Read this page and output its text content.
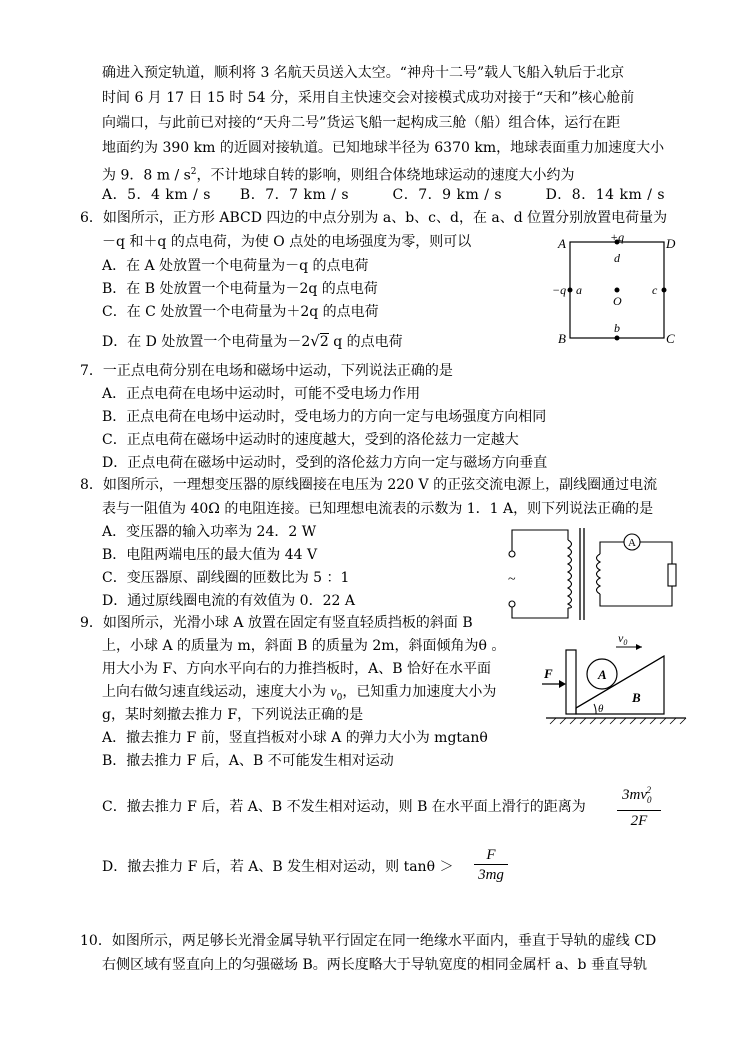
确进入预定轨道，顺利将 3 名航天员送入太空。“神舟十二号”载人飞船入轨后于北京
时间 6 月 17 日 15 时 54 分，采用自主快速交会对接模式成功对接于“天和”核心舱前
向端口，与此前已对接的“天舟二号”货运飞船一起构成三舱（船）组合体，运行在距
地面约为 390 km 的近圆对接轨道。已知地球半径为 6370 km，地球表面重力加速度大小
为 9．8 m / $s^2$，不计地球自转的影响，则组合体绕地球运动的速度大小约为
A．5．4 km / s　　B．7．7 km / s　　　C．7．9 km / s　　　D．8．14 km / s
6．如图所示，正方形 ABCD 四边的中点分别为 a、b、c、d，在 a、d 位置分别放置电荷量为
－q 和＋q 的点电荷，为使 O 点处的电场强度为零，则可以
A．在 A 处放置一个电荷量为－q 的点电荷
B．在 B 处放置一个电荷量为－2q 的点电荷
C．在 C 处放置一个电荷量为＋2q 的点电荷
D．在 D 处放置一个电荷量为－2√2 q 的点电荷
A	D
B	C
+q
d
−q a
O
c
b
7．一正点电荷分别在电场和磁场中运动，下列说法正确的是
A．正点电荷在电场中运动时，可能不受电场力作用
B．正点电荷在电场中运动时，受电场力的方向一定与电场强度方向相同
C．正点电荷在磁场中运动时的速度越大，受到的洛伦兹力一定越大
D．正点电荷在磁场中运动时，受到的洛伦兹力方向一定与磁场方向垂直
8．如图所示，一理想变压器的原线圈接在电压为 220 V 的正弦交流电源上，副线圈通过电流
表与一阻值为 40Ω 的电阻连接。已知理想电流表的示数为 1．1 A，则下列说法正确的是
A．变压器的输入功率为 24．2 W
B．电阻两端电压的最大值为 44 V
C．变压器原、副线圈的匝数比为 5 ：1
D．通过原线圈电流的有效值为 0．22 A
~
A
9．如图所示，光滑小球 A 放置在固定有竖直轻质挡板的斜面 B
上，小球 A 的质量为 m，斜面 B 的质量为 2m，斜面倾角为θ 。
用大小为 F、方向水平向右的力推挡板时，A、B 恰好在水平面
上向右做匀速直线运动，速度大小为 $v_0$，已知重力加速度大小为
g，某时刻撤去推力 F，下列说法正确的是
A．撤去推力 F 前，竖直挡板对小球 A 的弹力大小为 mgtanθ
B．撤去推力 F 后，A、B 不可能发生相对运动
C．撤去推力 F 后，若 A、B 不发生相对运动，则 B 在水平面上滑行的距离为 $\frac{3mv_0^2}{2F}$
D．撤去推力 F 后，若 A、B 发生相对运动，则 $\tan\theta > \frac{F}{3mg}$
$v_0$
F	A
B
θ
10．如图所示，两足够长光滑金属导轨平行固定在同一绝缘水平面内，垂直于导轨的虚线 CD
右侧区域有竖直向上的匀强磁场 B。两长度略大于导轨宽度的相同金属杆 a、b 垂直导轨
